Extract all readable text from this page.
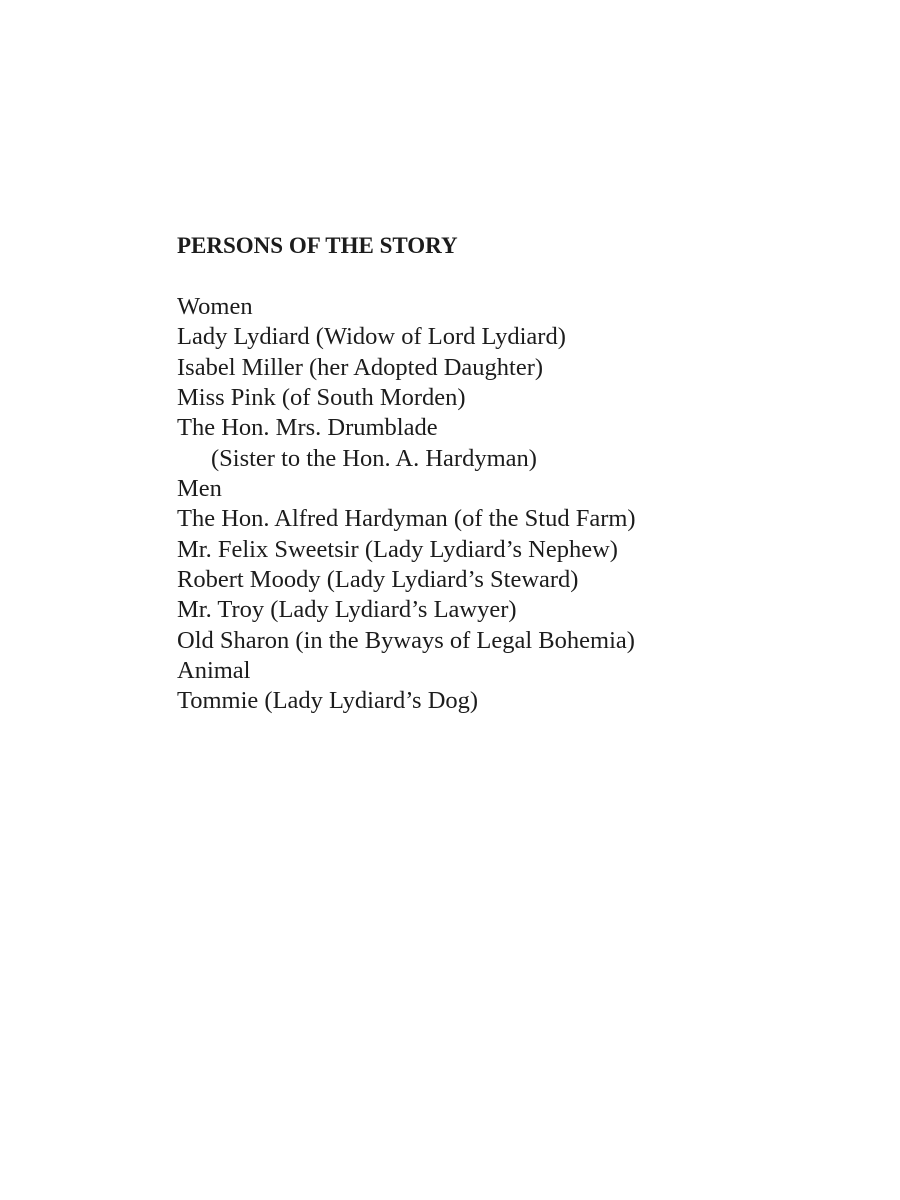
PERSONS OF THE STORY
Women
Lady Lydiard (Widow of Lord Lydiard)
Isabel Miller (her Adopted Daughter)
Miss Pink (of South Morden)
The Hon. Mrs. Drumblade
(Sister to the Hon. A. Hardyman)
Men
The Hon. Alfred Hardyman (of the Stud Farm)
Mr. Felix Sweetsir (Lady Lydiard’s Nephew)
Robert Moody (Lady Lydiard’s Steward)
Mr. Troy (Lady Lydiard’s Lawyer)
Old Sharon (in the Byways of Legal Bohemia)
Animal
Tommie (Lady Lydiard’s Dog)
